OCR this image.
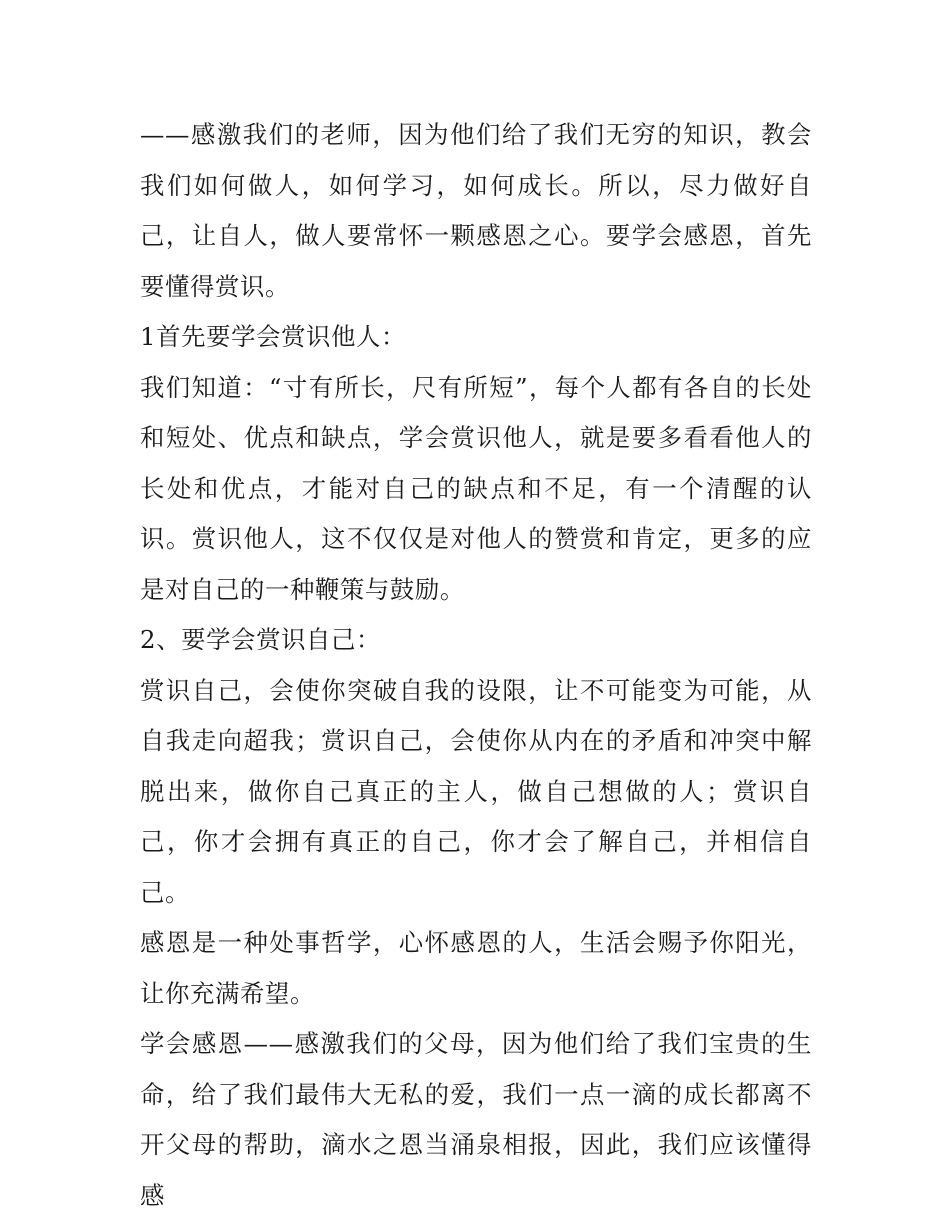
——感激我们的老师，因为他们给了我们无穷的知识，教会我们如何做人，如何学习，如何成长。所以，尽力做好自己，让自人，做人要常怀一颗感恩之心。要学会感恩，首先要懂得赏识。

1首先要学会赏识他人：

我们知道：“寸有所长，尺有所短”，每个人都有各自的长处和短处、优点和缺点，学会赏识他人，就是要多看看他人的长处和优点，才能对自己的缺点和不足，有一个清醒的认识。赏识他人，这不仅仅是对他人的赞赏和肯定，更多的应是对自己的一种鞭策与鼓励。

2、要学会赏识自己：

赏识自己，会使你突破自我的设限，让不可能变为可能，从自我走向超我；赏识自己，会使你从内在的矛盾和冲突中解脱出来，做你自己真正的主人，做自己想做的人；赏识自己，你才会拥有真正的自己，你才会了解自己，并相信自己。

感恩是一种处事哲学，心怀感恩的人，生活会赐予你阳光，让你充满希望。

学会感恩——感激我们的父母，因为他们给了我们宝贵的生命，给了我们最伟大无私的爱，我们一点一滴的成长都离不开父母的帮助，滴水之恩当涌泉相报，因此，我们应该懂得感
